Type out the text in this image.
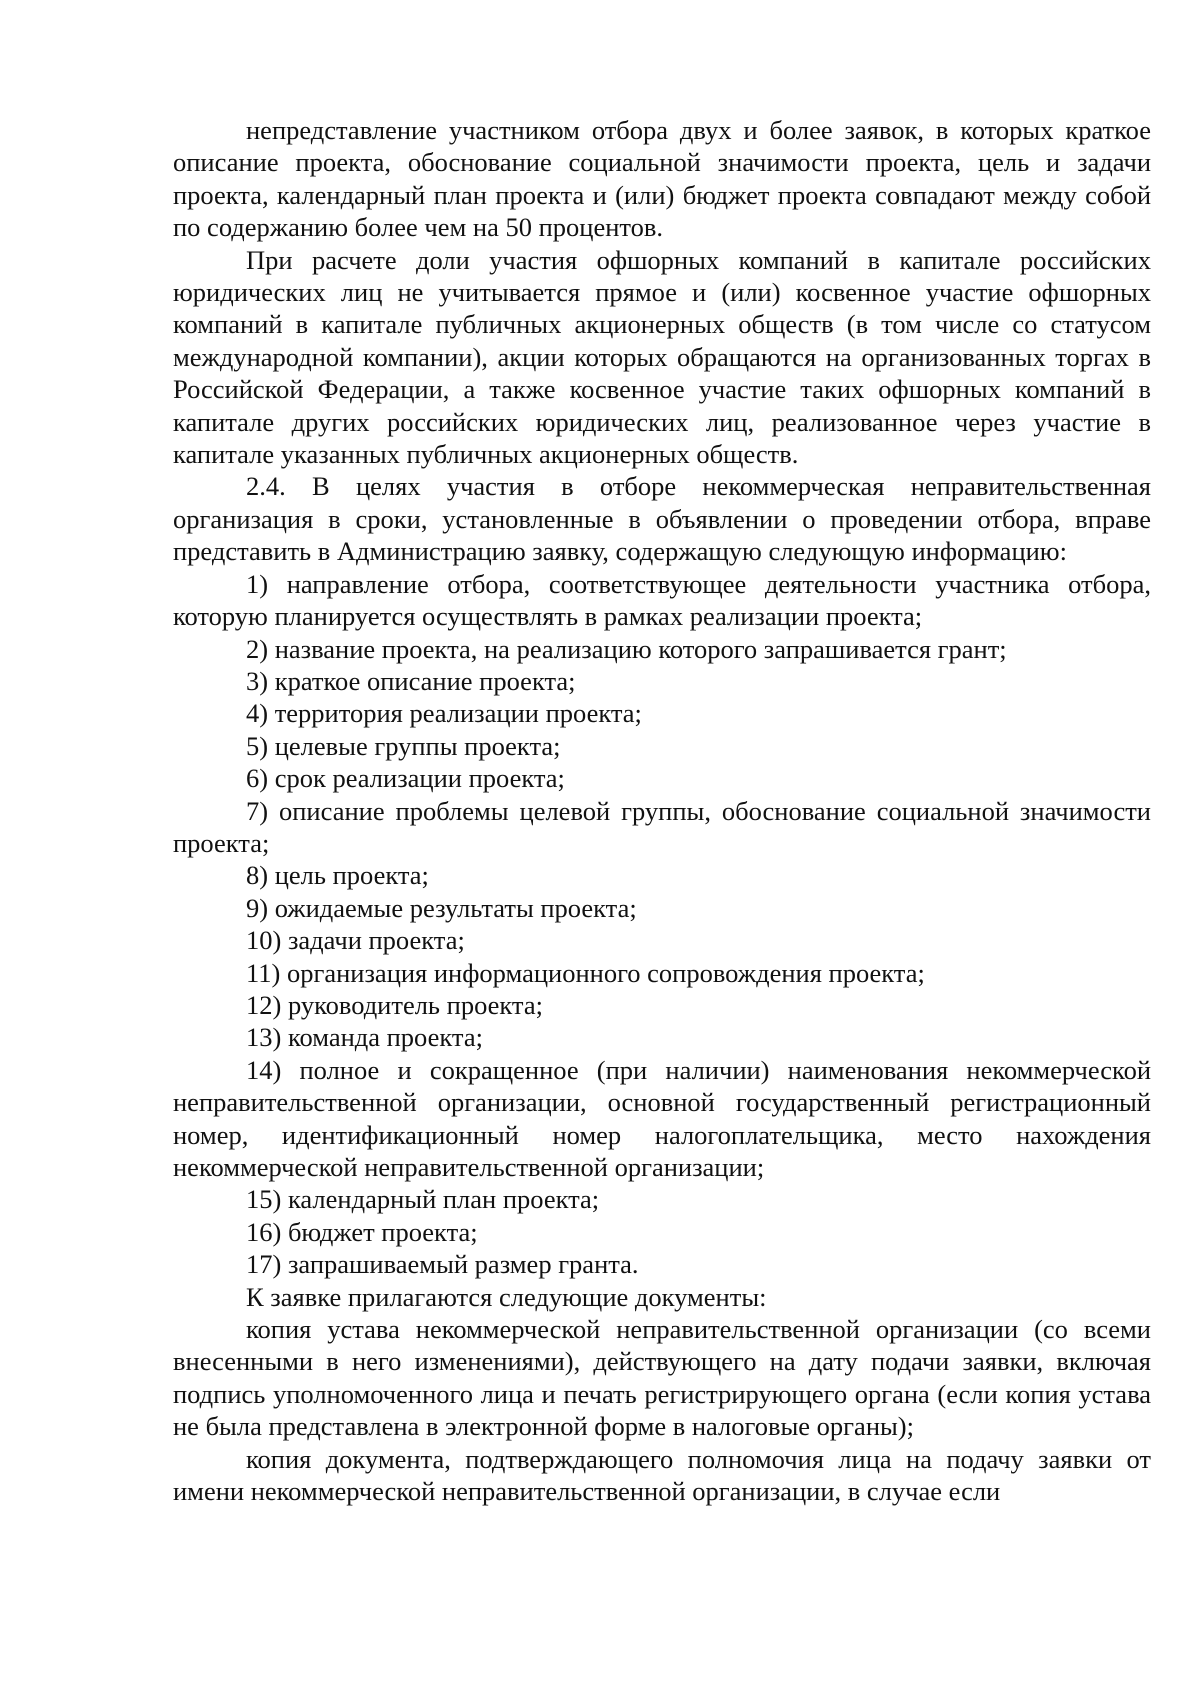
непредставление участником отбора двух и более заявок, в которых краткое описание проекта, обоснование социальной значимости проекта, цель и задачи проекта, календарный план проекта и (или) бюджет проекта совпадают между собой по содержанию более чем на 50 процентов.

При расчете доли участия офшорных компаний в капитале российских юридических лиц не учитывается прямое и (или) косвенное участие офшорных компаний в капитале публичных акционерных обществ (в том числе со статусом международной компании), акции которых обращаются на организованных торгах в Российской Федерации, а также косвенное участие таких офшорных компаний в капитале других российских юридических лиц, реализованное через участие в капитале указанных публичных акционерных обществ.

2.4. В целях участия в отборе некоммерческая неправительственная организация в сроки, установленные в объявлении о проведении отбора, вправе представить в Администрацию заявку, содержащую следующую информацию:

1) направление отбора, соответствующее деятельности участника отбора, которую планируется осуществлять в рамках реализации проекта;

2) название проекта, на реализацию которого запрашивается грант;

3) краткое описание проекта;

4) территория реализации проекта;

5) целевые группы проекта;

6) срок реализации проекта;

7) описание проблемы целевой группы, обоснование социальной значимости проекта;

8) цель проекта;

9) ожидаемые результаты проекта;

10) задачи проекта;

11) организация информационного сопровождения проекта;

12) руководитель проекта;

13) команда проекта;

14) полное и сокращенное (при наличии) наименования некоммерческой неправительственной организации, основной государственный регистрационный номер, идентификационный номер налогоплательщика, место нахождения некоммерческой неправительственной организации;

15) календарный план проекта;

16) бюджет проекта;

17) запрашиваемый размер гранта.

К заявке прилагаются следующие документы:

копия устава некоммерческой неправительственной организации (со всеми внесенными в него изменениями), действующего на дату подачи заявки, включая подпись уполномоченного лица и печать регистрирующего органа (если копия устава не была представлена в электронной форме в налоговые органы);

копия документа, подтверждающего полномочия лица на подачу заявки от имени некоммерческой неправительственной организации, в случае если
